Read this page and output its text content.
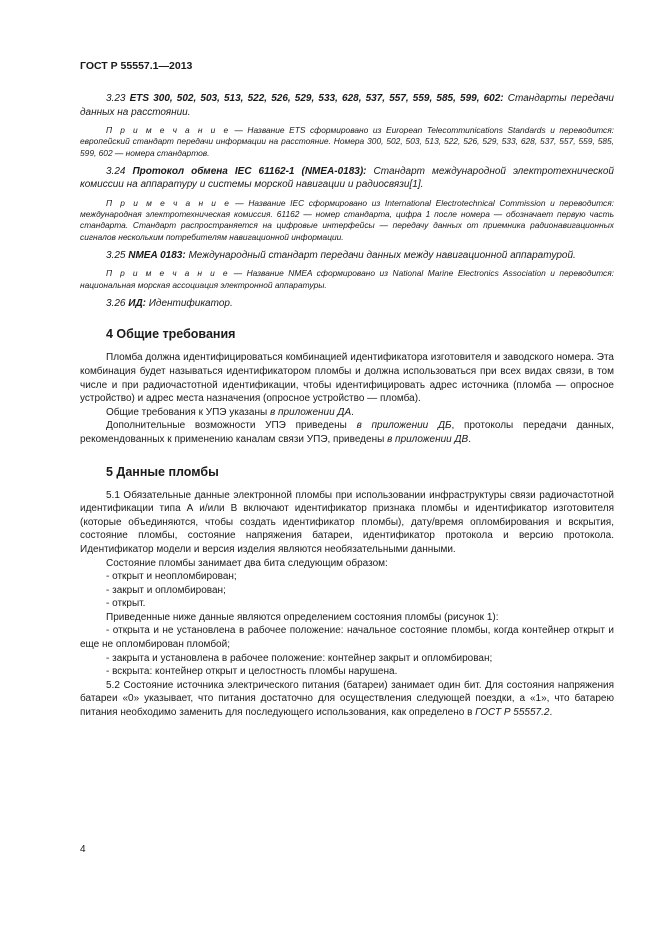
ГОСТ Р 55557.1—2013

3.23 ETS 300, 502, 503, 513, 522, 526, 529, 533, 628, 537, 557, 559, 585, 599, 602: Стандарты передачи данных на расстоянии.

П р и м е ч а н и е — Название ETS сформировано из European Telecommunications Standards и переводится: европейский стандарт передачи информации на расстояние. Номера 300, 502, 503, 513, 522, 526, 529, 533, 628, 537, 557, 559, 585, 599, 602 — номера стандартов.

3.24 Протокол обмена IEC 61162-1 (NMEA-0183): Стандарт международной электротехнической комиссии на аппаратуру и системы морской навигации и радиосвязи[1].

П р и м е ч а н и е — Название IEC сформировано из International Electrotechnical Commission и переводится: международная электротехническая комиссия. 61162 — номер стандарта, цифра 1 после номера — обозначает первую часть стандарта. Стандарт распространяется на цифровые интерфейсы — передачу данных от приемника радионавигационных сигналов нескольким потребителям навигационной информации.

3.25 NMEA 0183: Международный стандарт передачи данных между навигационной аппаратурой.

П р и м е ч а н и е — Название NMEA сформировано из National Marine Electronics Association и переводится: национальная морская ассоциация электронной аппаратуры.

3.26 ИД: Идентификатор.

4 Общие требования

Пломба должна идентифицироваться комбинацией идентификатора изготовителя и заводского номера. Эта комбинация будет называться идентификатором пломбы и должна использоваться при всех видах связи, в том числе и при радиочастотной идентификации, чтобы идентифицировать адрес источника (пломба — опросное устройство) и адрес места назначения (опросное устройство — пломба).

Общие требования к УПЭ указаны в приложении ДА.

Дополнительные возможности УПЭ приведены в приложении ДБ, протоколы передачи данных, рекомендованных к применению каналам связи УПЭ, приведены в приложении ДВ.

5 Данные пломбы

5.1 Обязательные данные электронной пломбы при использовании инфраструктуры связи радиочастотной идентификации типа А и/или В включают идентификатор признака пломбы и идентификатор изготовителя (которые объединяются, чтобы создать идентификатор пломбы), дату/время опломбирования и вскрытия, состояние пломбы, состояние напряжения батареи, идентификатор протокола и версию протокола. Идентификатор модели и версия изделия являются необязательными данными.

Состояние пломбы занимает два бита следующим образом:

- открыт и неопломбирован;

- закрыт и опломбирован;

- открыт.

Приведенные ниже данные являются определением состояния пломбы (рисунок 1):

- открыта и не установлена в рабочее положение: начальное состояние пломбы, когда контейнер открыт и еще не опломбирован пломбой;

- закрыта и установлена в рабочее положение: контейнер закрыт и опломбирован;

- вскрыта: контейнер открыт и целостность пломбы нарушена.

5.2 Состояние источника электрического питания (батареи) занимает один бит. Для состояния напряжения батареи «0» указывает, что питания достаточно для осуществления следующей поездки, а «1», что батарею питания необходимо заменить для последующего использования, как определено в ГОСТ Р 55557.2.

4
